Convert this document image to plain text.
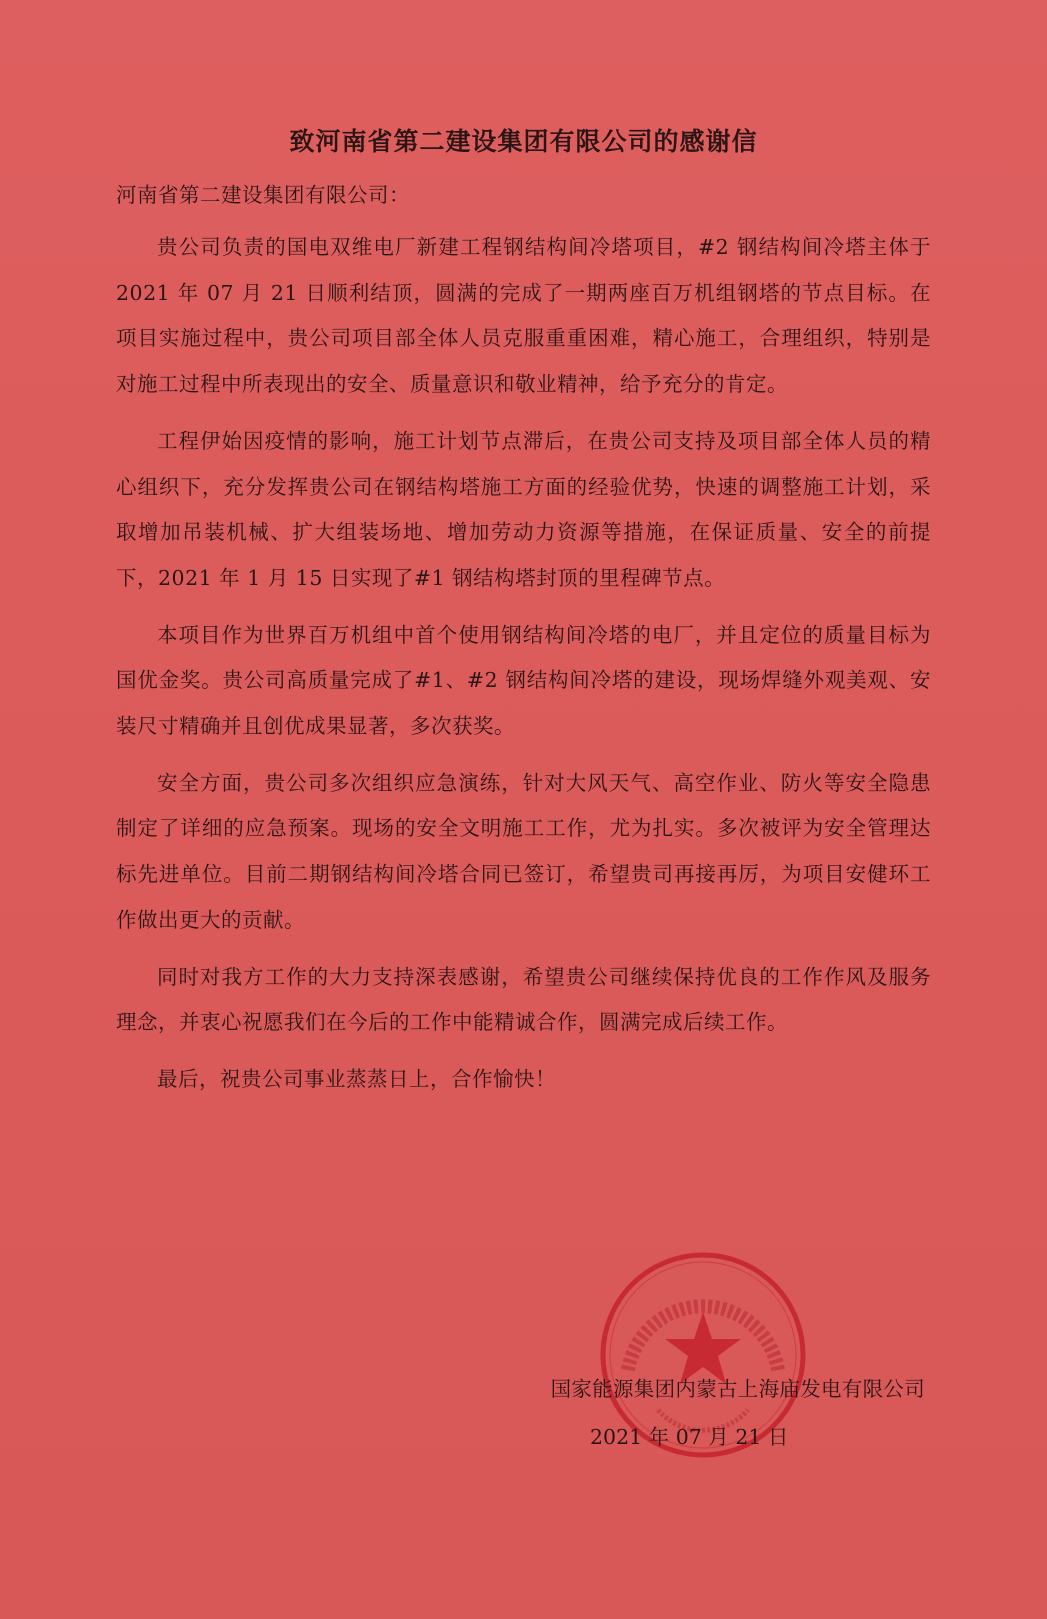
致河南省第二建设集团有限公司的感谢信
河南省第二建设集团有限公司：

贵公司负责的国电双维电厂新建工程钢结构间冷塔项目，#2 钢结构间冷塔主体于 2021 年 07 月 21 日顺利结顶，圆满的完成了一期两座百万机组钢塔的节点目标。在项目实施过程中，贵公司项目部全体人员克服重重困难，精心施工，合理组织，特别是对施工过程中所表现出的安全、质量意识和敬业精神，给予充分的肯定。

工程伊始因疫情的影响，施工计划节点滞后，在贵公司支持及项目部全体人员的精心组织下，充分发挥贵公司在钢结构塔施工方面的经验优势，快速的调整施工计划，采取增加吊装机械、扩大组装场地、增加劳动力资源等措施，在保证质量、安全的前提下，2021 年 1 月 15 日实现了#1 钢结构塔封顶的里程碑节点。

本项目作为世界百万机组中首个使用钢结构间冷塔的电厂，并且定位的质量目标为国优金奖。贵公司高质量完成了#1、#2 钢结构间冷塔的建设，现场焊缝外观美观、安装尺寸精确并且创优成果显著，多次获奖。

安全方面，贵公司多次组织应急演练，针对大风天气、高空作业、防火等安全隐患制定了详细的应急预案。现场的安全文明施工工作，尤为扎实。多次被评为安全管理达标先进单位。目前二期钢结构间冷塔合同已签订，希望贵司再接再厉，为项目安健环工作做出更大的贡献。

同时对我方工作的大力支持深表感谢，希望贵公司继续保持优良的工作作风及服务理念，并衷心祝愿我们在今后的工作中能精诚合作，圆满完成后续工作。

最后，祝贵公司事业蒸蒸日上，合作愉快！

国家能源集团内蒙古上海庙发电有限公司
2021 年 07 月 21 日
